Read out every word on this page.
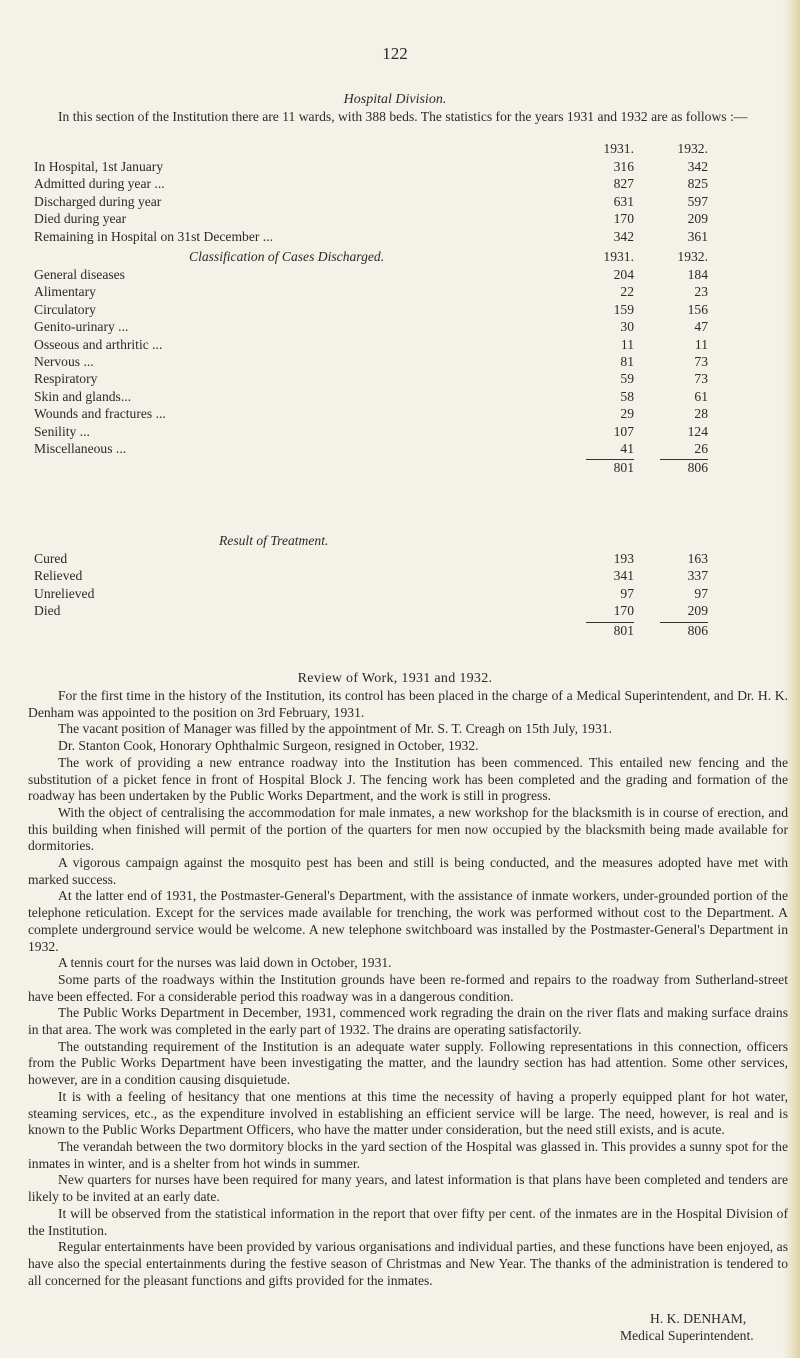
122
Hospital Division.
In this section of the Institution there are 11 wards, with 388 beds. The statistics for the years 1931 and 1932 are as follows :—
1931.	1932.
In Hospital, 1st January	316	342
Admitted during year ...	827	825
Discharged during year	631	597
Died during year	170	209
Remaining in Hospital on 31st December ...	342	361
Classification of Cases Discharged.	1931.	1932.
General diseases	204	184
Alimentary	22	23
Circulatory	159	156
Genito-urinary ...	30	47
Osseous and arthritic ...	11	11
Nervous ...	81	73
Respiratory	59	73
Skin and glands...	58	61
Wounds and fractures ...	29	28
Senility ...	107	124
Miscellaneous ...	41	26
801	806
Result of Treatment.
Cured	193	163
Relieved	341	337
Unrelieved	97	97
Died	170	209
801	806
Review of Work, 1931 and 1932.

For the first time in the history of the Institution, its control has been placed in the charge of a Medical Superintendent, and Dr. H. K. Denham was appointed to the position on 3rd February, 1931.

The vacant position of Manager was filled by the appointment of Mr. S. T. Creagh on 15th July, 1931.

Dr. Stanton Cook, Honorary Ophthalmic Surgeon, resigned in October, 1932.

The work of providing a new entrance roadway into the Institution has been commenced. This entailed new fencing and the substitution of a picket fence in front of Hospital Block J. The fencing work has been completed and the grading and formation of the roadway has been undertaken by the Public Works Department, and the work is still in progress.

With the object of centralising the accommodation for male inmates, a new workshop for the blacksmith is in course of erection, and this building when finished will permit of the portion of the quarters for men now occupied by the blacksmith being made available for dormitories.

A vigorous campaign against the mosquito pest has been and still is being conducted, and the measures adopted have met with marked success.

At the latter end of 1931, the Postmaster-General's Department, with the assistance of inmate workers, under-grounded portion of the telephone reticulation. Except for the services made available for trenching, the work was performed without cost to the Department. A complete underground service would be welcome. A new telephone switchboard was installed by the Postmaster-General's Department in 1932.

A tennis court for the nurses was laid down in October, 1931.

Some parts of the roadways within the Institution grounds have been re-formed and repairs to the roadway from Sutherland-street have been effected. For a considerable period this roadway was in a dangerous condition.

The Public Works Department in December, 1931, commenced work regrading the drain on the river flats and making surface drains in that area. The work was completed in the early part of 1932. The drains are operating satisfactorily.

The outstanding requirement of the Institution is an adequate water supply. Following representations in this connection, officers from the Public Works Department have been investigating the matter, and the laundry section has had attention. Some other services, however, are in a condition causing disquietude.

It is with a feeling of hesitancy that one mentions at this time the necessity of having a properly equipped plant for hot water, steaming services, etc., as the expenditure involved in establishing an efficient service will be large. The need, however, is real and is known to the Public Works Department Officers, who have the matter under consideration, but the need still exists, and is acute.

The verandah between the two dormitory blocks in the yard section of the Hospital was glassed in. This provides a sunny spot for the inmates in winter, and is a shelter from hot winds in summer.

New quarters for nurses have been required for many years, and latest information is that plans have been completed and tenders are likely to be invited at an early date.

It will be observed from the statistical information in the report that over fifty per cent. of the inmates are in the Hospital Division of the Institution.

Regular entertainments have been provided by various organisations and individual parties, and these functions have been enjoyed, as have also the special entertainments during the festive season of Christmas and New Year. The thanks of the administration is tendered to all concerned for the pleasant functions and gifts provided for the inmates.

H. K. DENHAM,
Medical Superintendent.
